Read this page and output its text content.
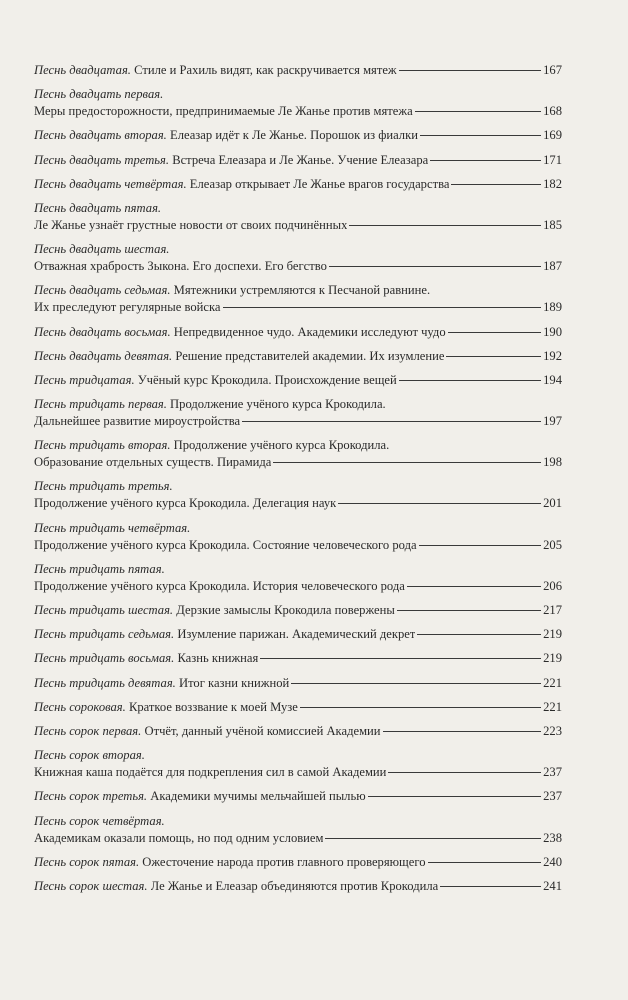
Песнь двадцатая.
Стиле и Рахиль видят, как раскручивается мятеж	167
Песнь двадцать первая.
Меры предосторожности, предпринимаемые Ле Жанье против мятежа	168
Песнь двадцать вторая.
Елеазар идёт к Ле Жанье. Порошок из фиалки	169
Песнь двадцать третья.
Встреча Елеазара и Ле Жанье. Учение Елеазара	171
Песнь двадцать четвёртая.
Елеазар открывает Ле Жанье врагов государства	182
Песнь двадцать пятая.
Ле Жанье узнаёт грустные новости от своих подчинённых	185
Песнь двадцать шестая.
Отважная храбрость Зыкона. Его доспехи. Его бегство	187
Песнь двадцать седьмая.
Мятежники устремляются к Песчаной равнине.
Их преследуют регулярные войска	189
Песнь двадцать восьмая.
Непредвиденное чудо. Академики исследуют чудо	190
Песнь двадцать девятая.
Решение представителей академии. Их изумление	192
Песнь тридцатая.
Учёный курс Крокодила. Происхождение вещей	194
Песнь тридцать первая.
Продолжение учёного курса Крокодила.
Дальнейшее развитие мироустройства	197
Песнь тридцать вторая.
Продолжение учёного курса Крокодила.
Образование отдельных существ. Пирамида	198
Песнь тридцать третья.
Продолжение учёного курса Крокодила. Делегация наук	201
Песнь тридцать четвёртая.
Продолжение учёного курса Крокодила. Состояние человеческого рода	205
Песнь тридцать пятая.
Продолжение учёного курса Крокодила. История человеческого рода	206
Песнь тридцать шестая.
Дерзкие замыслы Крокодила повержены	217
Песнь тридцать седьмая.
Изумление парижан. Академический декрет	219
Песнь тридцать восьмая.
Казнь книжная	219
Песнь тридцать девятая.
Итог казни книжной	221
Песнь сороковая.
Краткое воззвание к моей Музе	221
Песнь сорок первая.
Отчёт, данный учёной комиссией Академии	223
Песнь сорок вторая.
Книжная каша подаётся для подкрепления сил в самой Академии	237
Песнь сорок третья.
Академики мучимы мельчайшей пылью	237
Песнь сорок четвёртая.
Академикам оказали помощь, но под одним условием	238
Песнь сорок пятая.
Ожесточение народа против главного проверяющего	240
Песнь сорок шестая.
Ле Жанье и Елеазар объединяются против Крокодила	241
